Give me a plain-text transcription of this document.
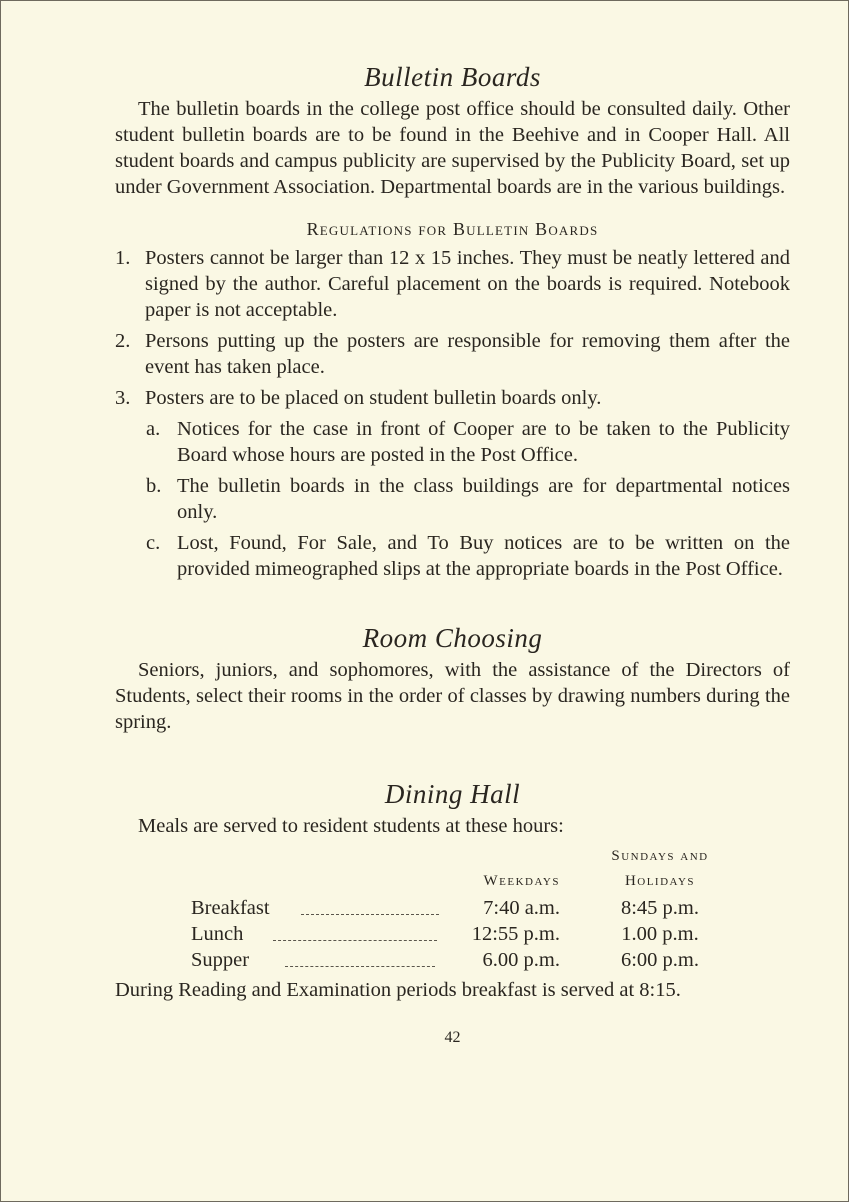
Bulletin Boards

The bulletin boards in the college post office should be consulted daily. Other student bulletin boards are to be found in the Beehive and in Cooper Hall. All student boards and campus publicity are supervised by the Publicity Board, set up under Government Association. Departmental boards are in the various buildings.

Regulations for Bulletin Boards
1. Posters cannot be larger than 12 x 15 inches. They must be neatly lettered and signed by the author. Careful placement on the boards is required. Notebook paper is not acceptable.
2. Persons putting up the posters are responsible for removing them after the event has taken place.
3. Posters are to be placed on student bulletin boards only.
a. Notices for the case in front of Cooper are to be taken to the Publicity Board whose hours are posted in the Post Office.
b. The bulletin boards in the class buildings are for departmental notices only.
c. Lost, Found, For Sale, and To Buy notices are to be written on the provided mimeographed slips at the appropriate boards in the Post Office.
Room Choosing

Seniors, juniors, and sophomores, with the assistance of the Directors of Students, select their rooms in the order of classes by drawing numbers during the spring.

Dining Hall

Meals are served to resident students at these hours:

Sundays and
Weekdays	Holidays
Breakfast	7:40 a.m.	8:45 p.m.
Lunch	12:55 p.m.	1.00 p.m.
Supper	6.00 p.m.	6:00 p.m.

During Reading and Examination periods breakfast is served at 8:15.

42
